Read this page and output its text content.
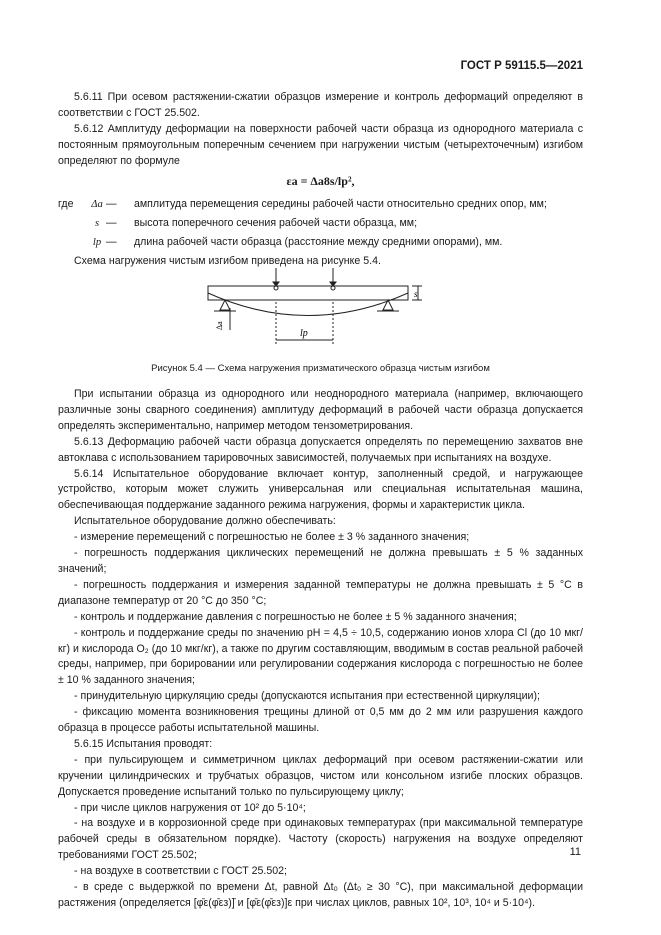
ГОСТ Р 59115.5—2021

5.6.11 При осевом растяжении-сжатии образцов измерение и контроль деформаций определяют в соответствии с ГОСТ 25.502.

5.6.12 Амплитуду деформации на поверхности рабочей части образца из однородного материала с постоянным прямоугольным поперечным сечением при нагружении чистым (четырехточечным) изгибом определяют по формуле

εa = Δa8s/lp²,
где	Δa —	амплитуда перемещения середины рабочей части относительно средних опор, мм;
s —	высота поперечного сечения рабочей части образца, мм;
lp —	длина рабочей части образца (расстояние между средними опорами), мм.

Схема нагружения чистым изгибом приведена на рисунке 5.4.

s
lp
Δa
Рисунок 5.4 — Схема нагружения призматического образца чистым изгибом

При испытании образца из однородного или неоднородного материала (например, включающего различные зоны сварного соединения) амплитуду деформаций в рабочей части образца допускается определять экспериментально, например методом тензометрирования.

5.6.13 Деформацию рабочей части образца допускается определять по перемещению захватов вне автоклава с использованием тарировочных зависимостей, получаемых при испытаниях на воздухе.

5.6.14 Испытательное оборудование включает контур, заполненный средой, и нагружающее устройство, которым может служить универсальная или специальная испытательная машина, обеспечивающая поддержание заданного режима нагружения, формы и характеристик цикла.

Испытательное оборудование должно обеспечивать:

- измерение перемещений с погрешностью не более ± 3 % заданного значения;

- погрешность поддержания циклических перемещений не должна превышать ± 5 % заданных значений;

- погрешность поддержания и измерения заданной температуры не должна превышать ± 5 °С в диапазоне температур от 20 °С до 350 °С;

- контроль и поддержание давления с погрешностью не более ± 5 % заданного значения;

- контроль и поддержание среды по значению рН = 4,5 ÷ 10,5, содержанию ионов хлора Cl (до 10 мкг/кг) и кислорода O₂ (до 10 мкг/кг), а также по другим составляющим, вводимым в состав реальной рабочей среды, например, при борировании или регулировании содержания кислорода с погрешностью не более ± 10 % заданного значения;

- принудительную циркуляцию среды (допускаются испытания при естественной циркуляции);

- фиксацию момента возникновения трещины длиной от 0,5 мм до 2 мм или разрушения каждого образца в процессе работы испытательной машины.

5.6.15 Испытания проводят:

- при пульсирующем и симметричном циклах деформаций при осевом растяжении-сжатии или кручении цилиндрических и трубчатых образцов, чистом или консольном изгибе плоских образцов. Допускается проведение испытаний только по пульсирующему циклу;

- при числе циклов нагружения от 10² до 5·10⁴;

- на воздухе и в коррозионной среде при одинаковых температурах (при максимальной температуре рабочей среды в обязательном порядке). Частоту (скорость) нагружения на воздухе определяют требованиями ГОСТ 25.502;

- на воздухе в соответствии с ГОСТ 25.502;

- в среде с выдержкой по времени Δt, равной Δt₀ (Δt₀ ≥ 30 °С), при максимальной деформации растяжения (определяется [φ̄ε(φ̄εз)]̄ и [φ̄ε(φ̄εз)]ε при числах циклов, равных 10², 10³, 10⁴ и 5·10⁴).

11
